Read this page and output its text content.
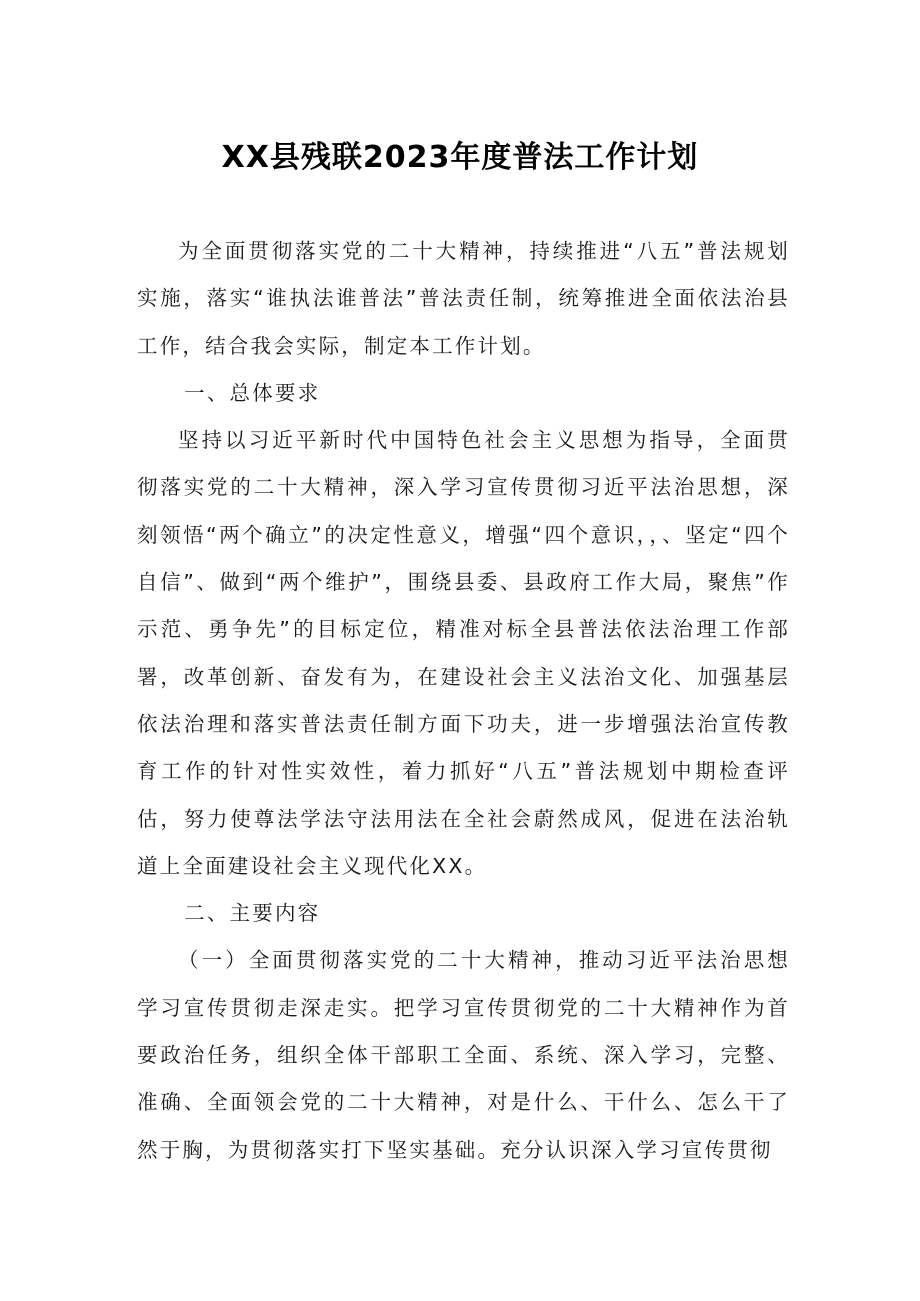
XX县残联2023年度普法工作计划

为全面贯彻落实党的二十大精神，持续推进“八五”普法规划实施，落实“谁执法谁普法”普法责任制，统筹推进全面依法治县工作，结合我会实际，制定本工作计划。

一、总体要求

坚持以习近平新时代中国特色社会主义思想为指导，全面贯彻落实党的二十大精神，深入学习宣传贯彻习近平法治思想，深刻领悟“两个确立”的决定性意义，增强“四个意识，，、坚定“四个自信”、做到“两个维护”，围绕县委、县政府工作大局，聚焦”作示范、勇争先”的目标定位，精准对标全县普法依法治理工作部署，改革创新、奋发有为，在建设社会主义法治文化、加强基层依法治理和落实普法责任制方面下功夫，进一步增强法治宣传教育工作的针对性实效性，着力抓好“八五”普法规划中期检查评估，努力使尊法学法守法用法在全社会蔚然成风，促进在法治轨道上全面建设社会主义现代化XX。

二、主要内容

（一）全面贯彻落实党的二十大精神，推动习近平法治思想学习宣传贯彻走深走实。把学习宣传贯彻党的二十大精神作为首要政治任务，组织全体干部职工全面、系统、深入学习，完整、准确、全面领会党的二十大精神，对是什么、干什么、怎么干了然于胸，为贯彻落实打下坚实基础。充分认识深入学习宣传贯彻
